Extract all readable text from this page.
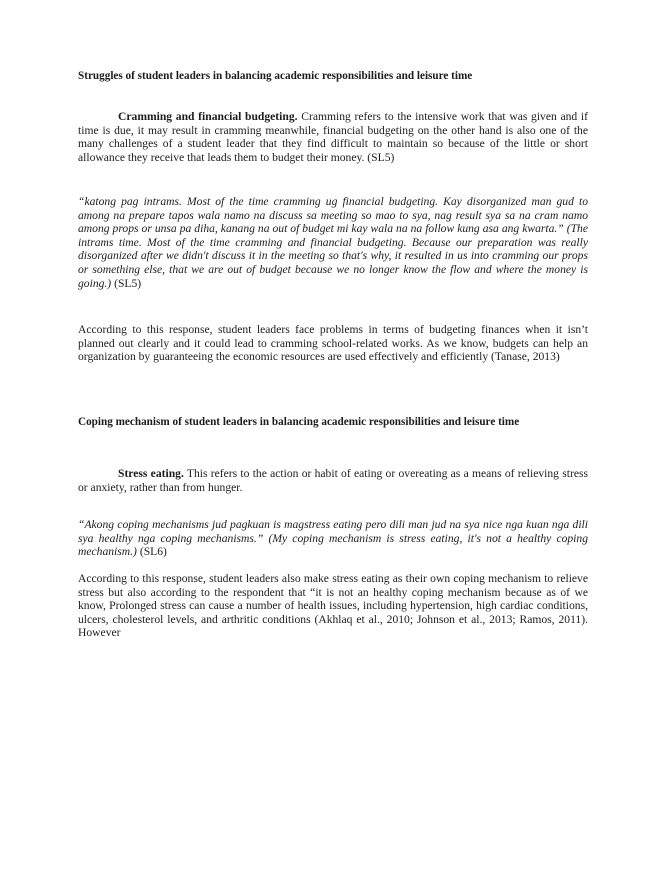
Struggles of student leaders in balancing academic responsibilities and leisure time

Cramming and financial budgeting. Cramming refers to the intensive work that was given and if time is due, it may result in cramming meanwhile, financial budgeting on the other hand is also one of the many challenges of a student leader that they find difficult to maintain so because of the little or short allowance they receive that leads them to budget their money. (SL5)

“katong pag intrams. Most of the time cramming ug financial budgeting. Kay disorganized man gud to among na prepare tapos wala namo na discuss sa meeting so mao to sya, nag result sya sa na cram namo among props or unsa pa diha, kanang na out of budget mi kay wala na na follow kung asa ang kwarta.” (The intrams time. Most of the time cramming and financial budgeting. Because our preparation was really disorganized after we didn't discuss it in the meeting so that's why, it resulted in us into cramming our props or something else, that we are out of budget because we no longer know the flow and where the money is going.) (SL5)

According to this response, student leaders face problems in terms of budgeting finances when it isn’t planned out clearly and it could lead to cramming school-related works. As we know, budgets can help an organization by guaranteeing the economic resources are used effectively and efficiently (Tanase, 2013)

Coping mechanism of student leaders in balancing academic responsibilities and leisure time

Stress eating. This refers to the action or habit of eating or overeating as a means of relieving stress or anxiety, rather than from hunger.

“Akong coping mechanisms jud pagkuan is magstress eating pero dili man jud na sya nice nga kuan nga dili sya healthy nga coping mechanisms.” (My coping mechanism is stress eating, it's not a healthy coping mechanism.) (SL6)

According to this response, student leaders also make stress eating as their own coping mechanism to relieve stress but also according to the respondent that “it is not an healthy coping mechanism because as of we know, Prolonged stress can cause a number of health issues, including hypertension, high cardiac conditions, ulcers, cholesterol levels, and arthritic conditions (Akhlaq et al., 2010; Johnson et al., 2013; Ramos, 2011). However
